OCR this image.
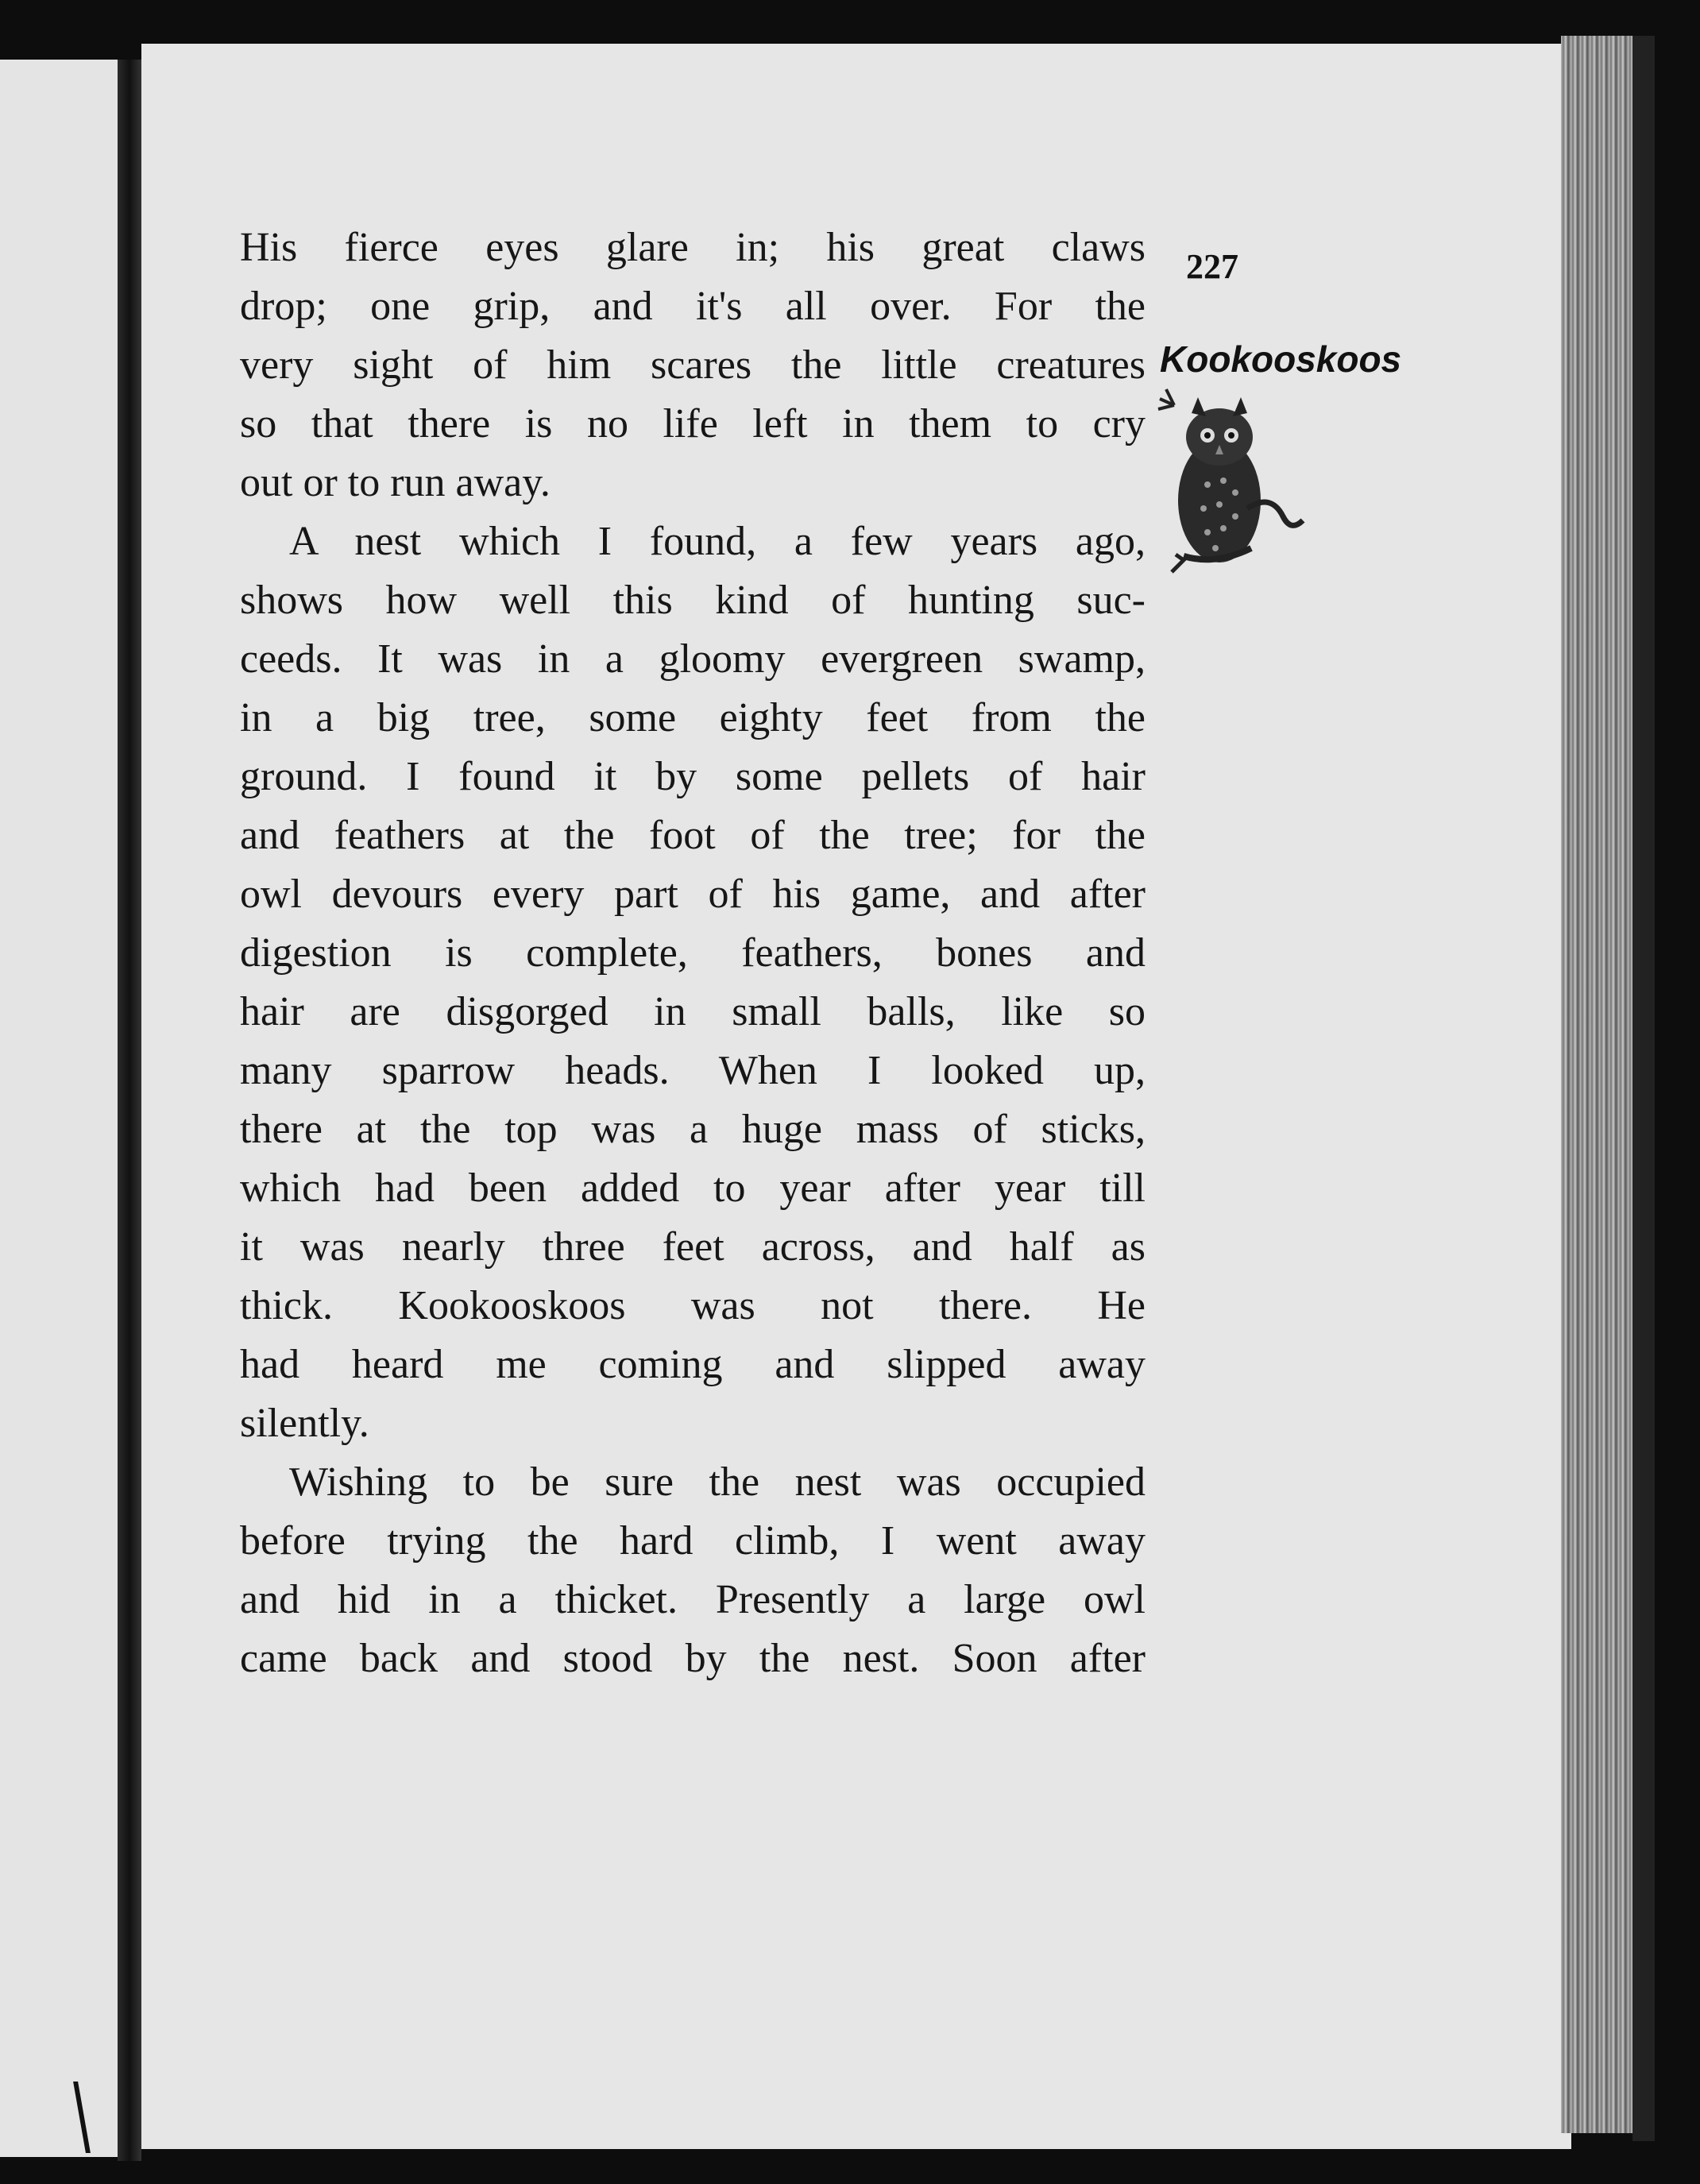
227
Kookooskoos
His fierce eyes glare in; his great claws
drop; one grip, and it's all over. For the
very sight of him scares the little creatures
so that there is no life left in them to cry
out or to run away.
A nest which I found, a few years ago,
shows how well this kind of hunting suc-
ceeds. It was in a gloomy evergreen swamp,
in a big tree, some eighty feet from the
ground. I found it by some pellets of hair
and feathers at the foot of the tree; for the
owl devours every part of his game, and after
digestion is complete, feathers, bones and
hair are disgorged in small balls, like so
many sparrow heads. When I looked up,
there at the top was a huge mass of sticks,
which had been added to year after year till
it was nearly three feet across, and half as
thick. Kookooskoos was not there. He
had heard me coming and slipped away
silently.
Wishing to be sure the nest was occupied
before trying the hard climb, I went away
and hid in a thicket. Presently a large owl
came back and stood by the nest. Soon after
